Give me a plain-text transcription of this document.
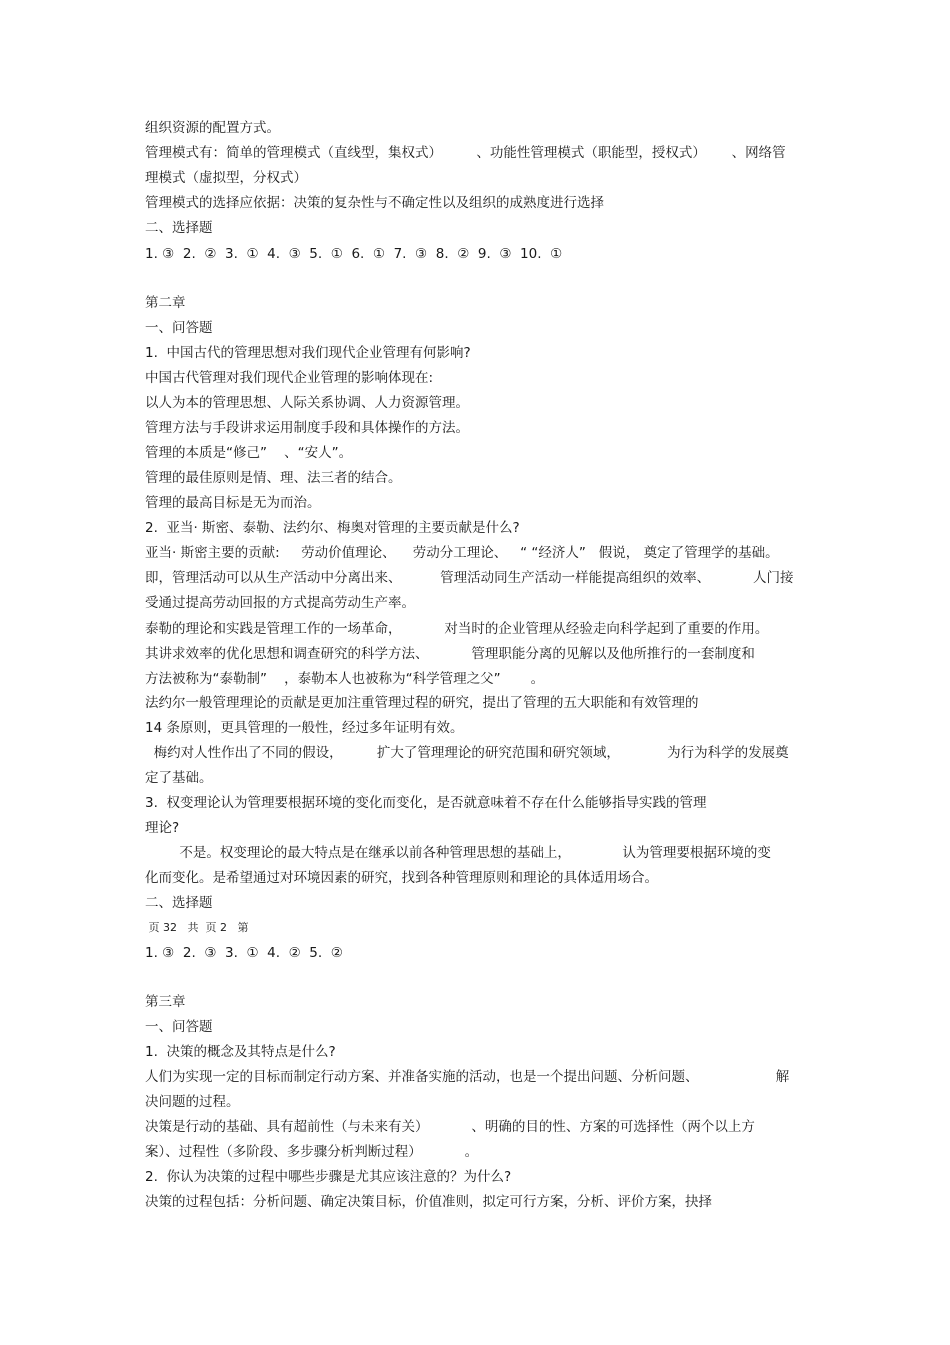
组织资源的配置方式。
管理模式有：简单的管理模式（直线型，集权式）        、功能性管理模式（职能型，授权式）      、网络管
理模式（虚拟型，分权式）
管理模式的选择应依据：决策的复杂性与不确定性以及组织的成熟度进行选择
二、选择题
1. ③  2.  ②  3.  ①  4.  ③  5.  ①  6.  ①  7.  ③  8.  ②  9.  ③  10.  ①
第二章
一、问答题
1.  中国古代的管理思想对我们现代企业管理有何影响?
中国古代管理对我们现代企业管理的影响体现在:
以人为本的管理思想、人际关系协调、人力资源管理。
管理方法与手段讲求运用制度手段和具体操作的方法。
管理的本质是“修己”    、“安人”。
管理的最佳原则是情、理、法三者的结合。
管理的最高目标是无为而治。
2.  亚当· 斯密、泰勒、法约尔、梅奥对管理的主要贡献是什么?
亚当· 斯密主要的贡献:     劳动价值理论、    劳动分工理论、   “ “经济人”   假说， 奠定了管理学的基础。
即，管理活动可以从生产活动中分离出来、         管理活动同生产活动一样能提高组织的效率、          人门接
受通过提高劳动回报的方式提高劳动生产率。
泰勒的理论和实践是管理工作的一场革命，          对当时的企业管理从经验走向科学起到了重要的作用。
其讲求效率的优化思想和调查研究的科学方法、          管理职能分离的见解以及他所推行的一套制度和
方法被称为“泰勒制”    ，泰勒本人也被称为“科学管理之父”       。
法约尔一般管理理论的贡献是更加注重管理过程的研究，提出了管理的五大职能和有效管理的
14 条原则，更具管理的一般性，经过多年证明有效。
梅约对人性作出了不同的假设，        扩大了管理理论的研究范围和研究领域，           为行为科学的发展奠
定了基础。
3.  权变理论认为管理要根据环境的变化而变化，是否就意味着不存在什么能够指导实践的管理
理论?
不是。权变理论的最大特点是在继承以前各种管理思想的基础上，            认为管理要根据环境的变
化而变化。是希望通过对环境因素的研究，找到各种管理原则和理论的具体适用场合。
二、选择题
页 32   共  页 2   第
1. ③  2.  ③  3.  ①  4.  ②  5.  ②
第三章
一、问答题
1.  决策的概念及其特点是什么?
人们为实现一定的目标而制定行动方案、并准备实施的活动，也是一个提出问题、分析问题、                  解
决问题的过程。
决策是行动的基础、具有超前性（与未来有关）          、明确的目的性、方案的可选择性（两个以上方
案）、过程性（多阶段、多步骤分析判断过程）          。
2.  你认为决策的过程中哪些步骤是尤其应该注意的？为什么?
决策的过程包括：分析问题、确定决策目标，价值准则，拟定可行方案，分析、评价方案，抉择
